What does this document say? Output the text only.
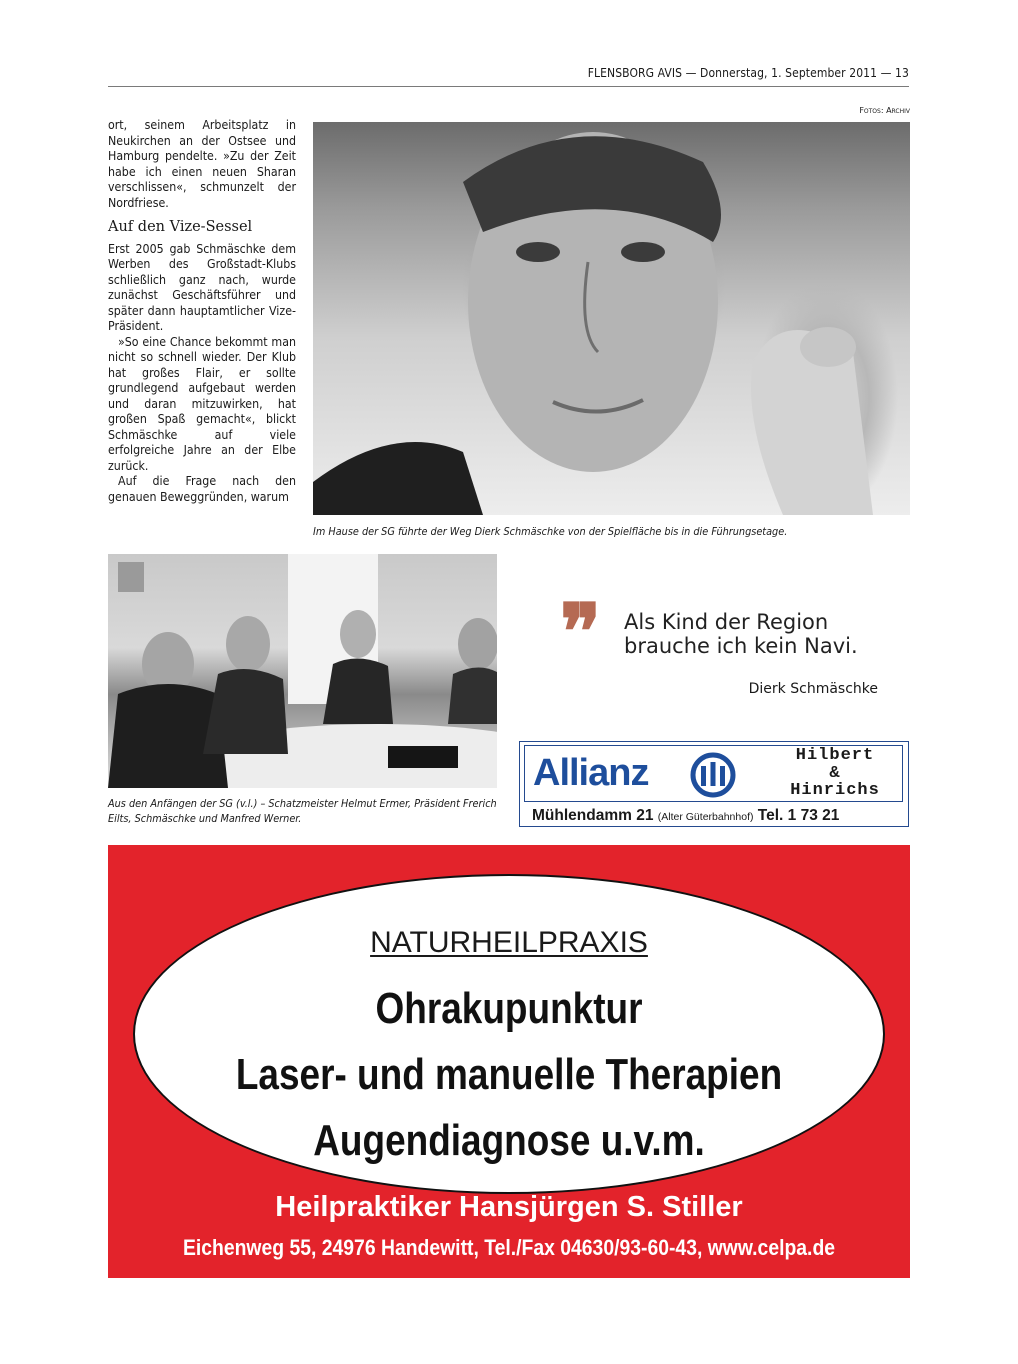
FLENSBORG AVIS — Donnerstag, 1. September 2011 — 13
Fotos: Archiv

ort, seinem Arbeitsplatz in Neukirchen an der Ostsee und Hamburg pendelte. »Zu der Zeit habe ich einen neuen Sharan verschlissen«, schmunzelt der Nordfriese.

Auf den Vize-Sessel

Erst 2005 gab Schmäschke dem Werben des Großstadt-Klubs schließlich ganz nach, wurde zunächst Geschäftsführer und später dann hauptamtlicher Vize-Präsident.

»So eine Chance bekommt man nicht so schnell wieder. Der Klub hat großes Flair, er sollte grundlegend aufgebaut werden und daran mitzuwirken, hat großen Spaß gemacht«, blickt Schmäschke auf viele erfolgreiche Jahre an der Elbe zurück.

Auf die Frage nach den genauen Beweggründen, warum

Im Hause der SG führte der Weg Dierk Schmäschke von der Spielfläche bis in die Führungsetage.
Aus den Anfängen der SG (v.l.) – Schatzmeister Helmut Ermer, Präsident Frerich Eilts, Schmäschke und Manfred Werner.
❞ Als Kind der Region
brauche ich kein Navi.
Dierk Schmäschke
Allianz	Hilbert
&
Hinrichs
Mühlendamm 21 (Alter Güterbahnhof) Tel. 1 73 21
NATURHEILPRAXIS
Ohrakupunktur
Laser- und manuelle Therapien
Augendiagnose u.v.m.
Heilpraktiker Hansjürgen S. Stiller
Eichenweg 55, 24976 Handewitt, Tel./Fax 04630/93-60-43, www.celpa.de
